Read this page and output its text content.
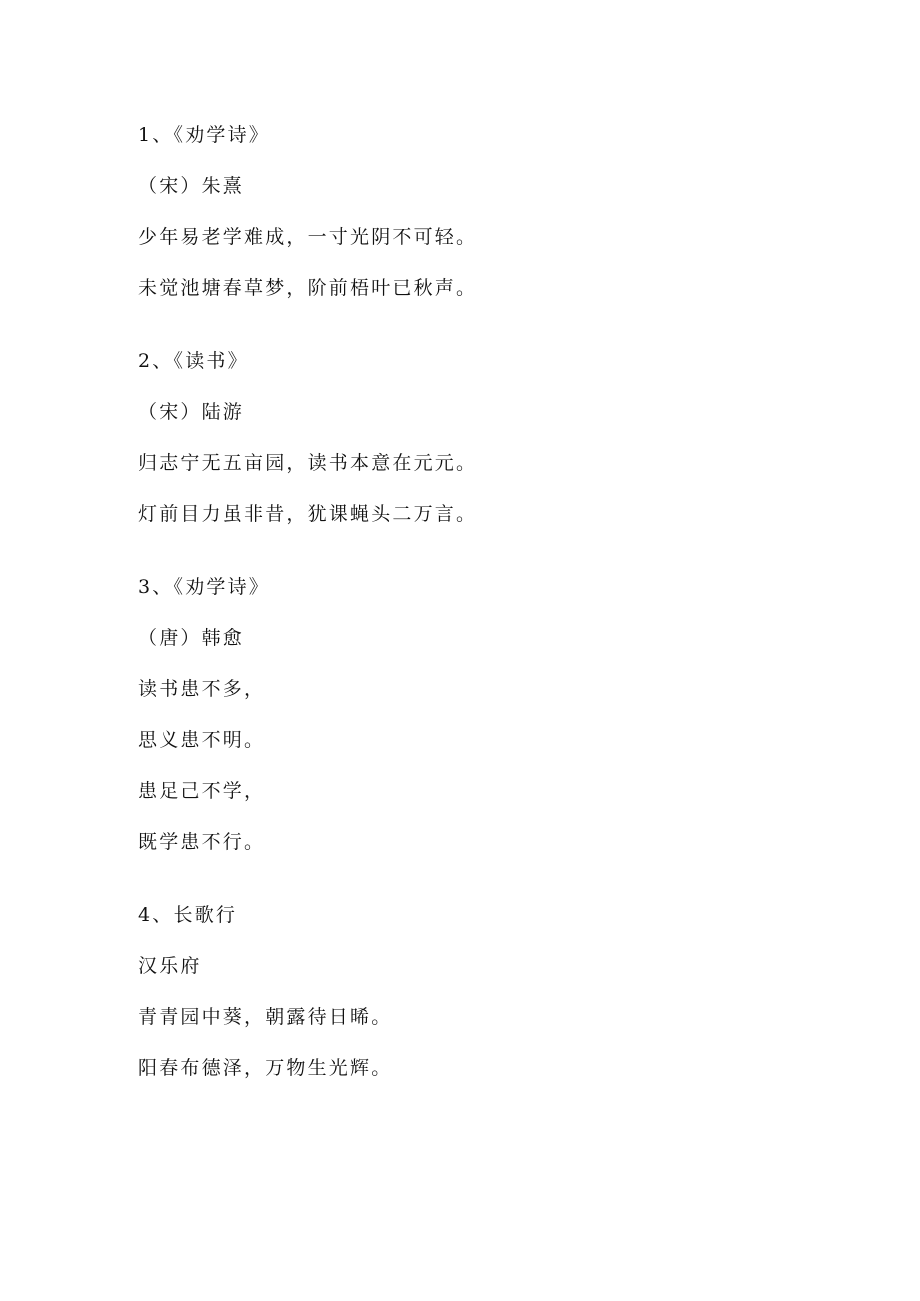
1、《劝学诗》
（宋）朱熹
少年易老学难成，一寸光阴不可轻。
未觉池塘春草梦，阶前梧叶已秋声。
2、《读书》
（宋）陆游
归志宁无五亩园，读书本意在元元。
灯前目力虽非昔，犹课蝇头二万言。
3、《劝学诗》
（唐）韩愈
读书患不多，
思义患不明。
患足己不学，
既学患不行。
4、长歌行
汉乐府
青青园中葵，朝露待日晞。
阳春布德泽，万物生光辉。
